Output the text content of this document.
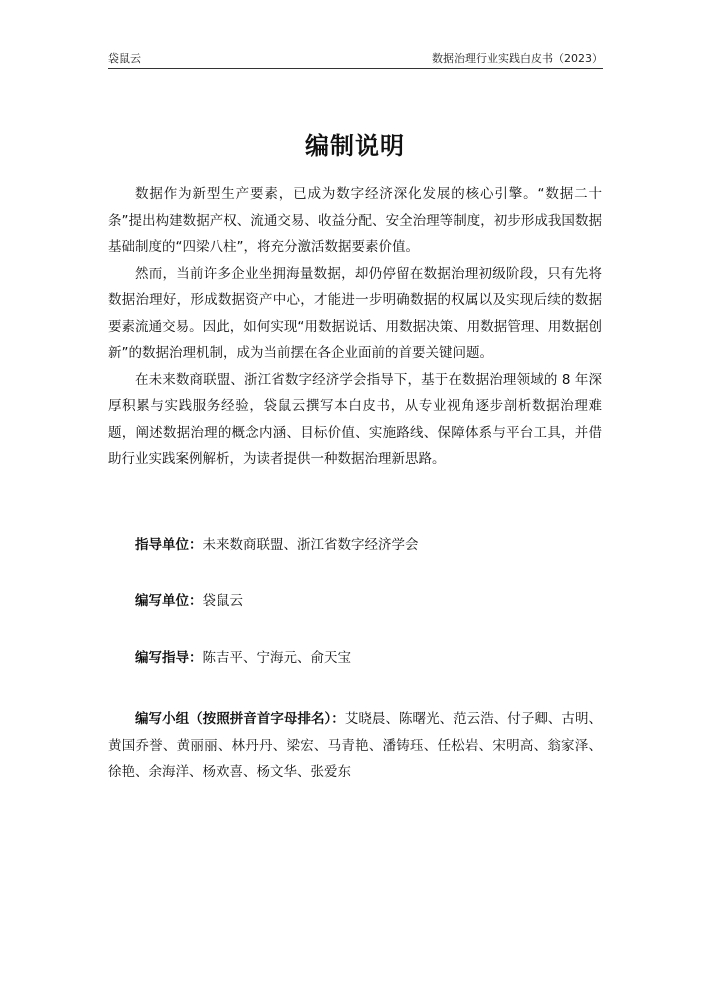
袋鼠云	数据治理行业实践白皮书（2023）
编制说明

数据作为新型生产要素，已成为数字经济深化发展的核心引擎。“数据二十条”提出构建数据产权、流通交易、收益分配、安全治理等制度，初步形成我国数据基础制度的“四梁八柱”，将充分激活数据要素价值。

然而，当前许多企业坐拥海量数据，却仍停留在数据治理初级阶段，只有先将数据治理好，形成数据资产中心，才能进一步明确数据的权属以及实现后续的数据要素流通交易。因此，如何实现“用数据说话、用数据决策、用数据管理、用数据创新”的数据治理机制，成为当前摆在各企业面前的首要关键问题。

在未来数商联盟、浙江省数字经济学会指导下，基于在数据治理领域的 8 年深厚积累与实践服务经验，袋鼠云撰写本白皮书，从专业视角逐步剖析数据治理难题，阐述数据治理的概念内涵、目标价值、实施路线、保障体系与平台工具，并借助行业实践案例解析，为读者提供一种数据治理新思路。

指导单位：未来数商联盟、浙江省数字经济学会
编写单位：袋鼠云
编写指导：陈吉平、宁海元、俞天宝
编写小组（按照拼音首字母排名）：艾晓晨、陈曙光、范云浩、付子卿、古明、黄国乔誉、黄丽丽、林丹丹、梁宏、马青艳、潘铸珏、任松岩、宋明高、翁家泽、徐艳、余海洋、杨欢喜、杨文华、张爱东
